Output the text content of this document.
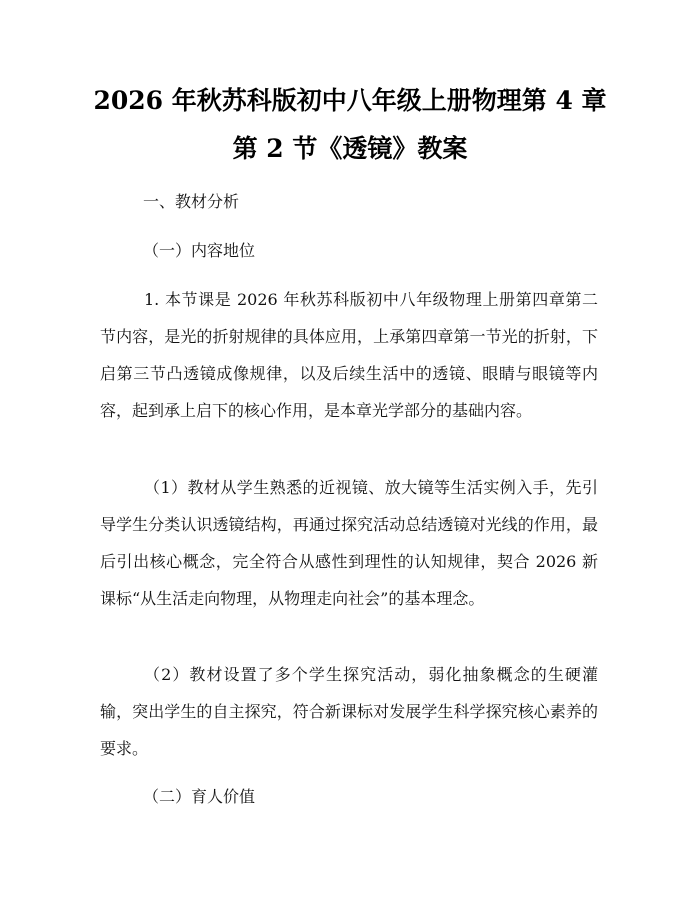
2026 年秋苏科版初中八年级上册物理第 4 章
第 2 节《透镜》教案
一、教材分析
（一）内容地位

1. 本节课是 2026 年秋苏科版初中八年级物理上册第四章第二节内容，是光的折射规律的具体应用，上承第四章第一节光的折射，下启第三节凸透镜成像规律，以及后续生活中的透镜、眼睛与眼镜等内容，起到承上启下的核心作用，是本章光学部分的基础内容。

（1）教材从学生熟悉的近视镜、放大镜等生活实例入手，先引导学生分类认识透镜结构，再通过探究活动总结透镜对光线的作用，最后引出核心概念，完全符合从感性到理性的认知规律，契合 2026 新课标“从生活走向物理，从物理走向社会”的基本理念。

（2）教材设置了多个学生探究活动，弱化抽象概念的生硬灌输，突出学生的自主探究，符合新课标对发展学生科学探究核心素养的要求。

（二）育人价值
